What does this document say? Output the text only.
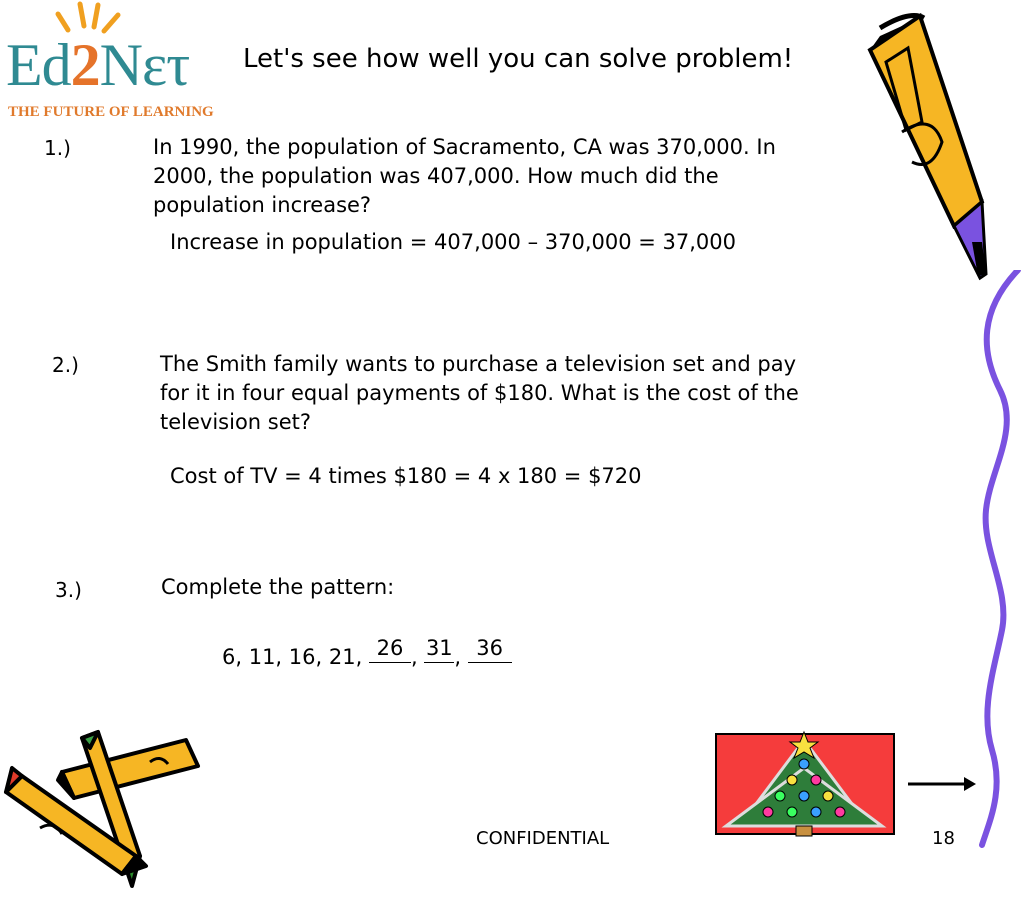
Ed2Nετ
THE FUTURE OF LEARNING
Let's see how well you can solve problem!
1.)	In 1990, the population of Sacramento, CA was 370,000. In 2000, the population was 407,000. How much did the population increase?
Increase in population = 407,000 – 370,000 = 37,000
2.)	The Smith family wants to purchase a television set and pay for it in four equal payments of $180. What is the cost of the television set?
Cost of TV = 4 times $180 = 4 x 180 = $720
3.)	Complete the pattern:
6, 11, 16, 21, 26 , 31, 36
CONFIDENTIAL	18
